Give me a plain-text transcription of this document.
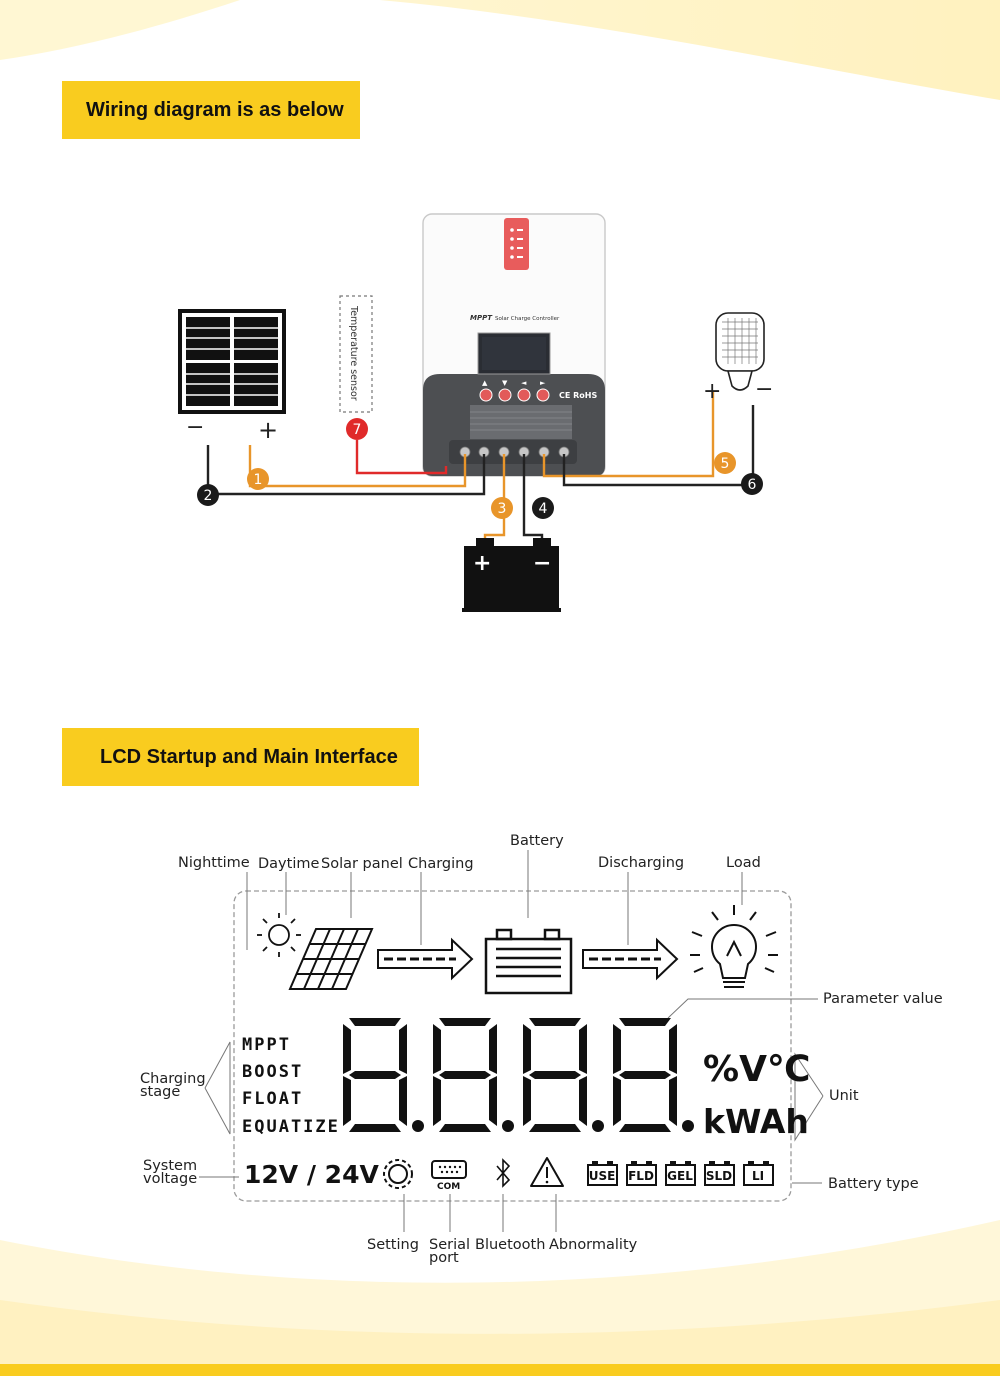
Wiring diagram is as below
− +
Temperature sensor	MPPT Solar Charge Controller
▲ ▼ ◄ ►
CE RoHS
+ −
+ −
1
2
3 4
5
6
7
LCD Startup and Main Interface
%V℃
kWAh
12V / 24V	COM
USE FLD GEL SLD LI
MPPT
BOOST
FLOAT
EQUATIZE
Nighttime Daytime Solar panel Charging
Battery
Discharging	Load
Parameter value
Charging stage	Unit
System voltage	Battery type
Setting Serial port
Bluetooth Abnormality
